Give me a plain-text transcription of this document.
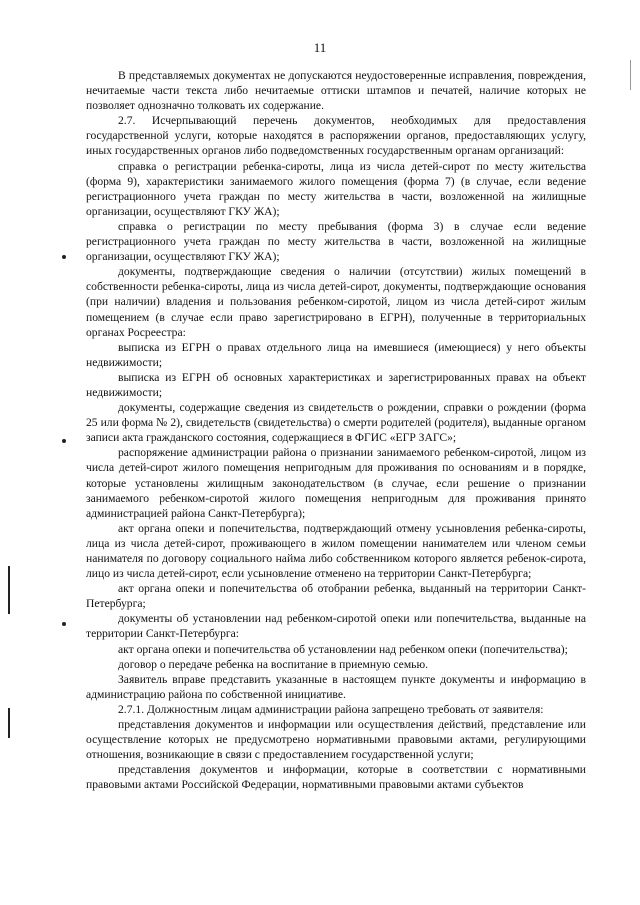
11

В представляемых документах не допускаются неудостоверенные исправления, повреждения, нечитаемые части текста либо нечитаемые оттиски штампов и печатей, наличие которых не позволяет однозначно толковать их содержание.

2.7. Исчерпывающий перечень документов, необходимых для предоставления государственной услуги, которые находятся в распоряжении органов, предоставляющих услугу, иных государственных органов либо подведомственных государственным органам организаций:

справка о регистрации ребенка-сироты, лица из числа детей-сирот по месту жительства (форма 9), характеристики занимаемого жилого помещения (форма 7) (в случае, если ведение регистрационного учета граждан по месту жительства в части, возложенной на жилищные организации, осуществляют ГКУ ЖА);

справка о регистрации по месту пребывания (форма 3) в случае если ведение регистрационного учета граждан по месту жительства в части, возложенной на жилищные организации, осуществляют ГКУ ЖА);

документы, подтверждающие сведения о наличии (отсутствии) жилых помещений в собственности ребенка-сироты, лица из числа детей-сирот, документы, подтверждающие основания (при наличии) владения и пользования ребенком-сиротой, лицом из числа детей-сирот жилым помещением (в случае если право зарегистрировано в ЕГРН), полученные в территориальных органах Росреестра:

выписка из ЕГРН о правах отдельного лица на имевшиеся (имеющиеся) у него объекты недвижимости;

выписка из ЕГРН об основных характеристиках и зарегистрированных правах на объект недвижимости;

документы, содержащие сведения из свидетельств о рождении, справки о рождении (форма 25 или форма № 2), свидетельств (свидетельства) о смерти родителей (родителя), выданные органом записи акта гражданского состояния, содержащиеся в ФГИС «ЕГР ЗАГС»;

распоряжение администрации района о признании занимаемого ребенком-сиротой, лицом из числа детей-сирот жилого помещения непригодным для проживания по основаниям и в порядке, которые установлены жилищным законодательством (в случае, если решение о признании занимаемого ребенком-сиротой жилого помещения непригодным для проживания принято администрацией района Санкт-Петербурга);

акт органа опеки и попечительства, подтверждающий отмену усыновления ребенка-сироты, лица из числа детей-сирот, проживающего в жилом помещении нанимателем или членом семьи нанимателя по договору социального найма либо собственником которого является ребенок-сирота, лицо из числа детей-сирот, если усыновление отменено на территории Санкт-Петербурга;

акт органа опеки и попечительства об отобрании ребенка, выданный на территории Санкт-Петербурга;

документы об установлении над ребенком-сиротой опеки или попечительства, выданные на территории Санкт-Петербурга:

акт органа опеки и попечительства об установлении над ребенком опеки (попечительства);

договор о передаче ребенка на воспитание в приемную семью.

Заявитель вправе представить указанные в настоящем пункте документы и информацию в администрацию района по собственной инициативе.

2.7.1. Должностным лицам администрации района запрещено требовать от заявителя:

представления документов и информации или осуществления действий, представление или осуществление которых не предусмотрено нормативными правовыми актами, регулирующими отношения, возникающие в связи с предоставлением государственной услуги;

представления документов и информации, которые в соответствии с нормативными правовыми актами Российской Федерации, нормативными правовыми актами субъектов
